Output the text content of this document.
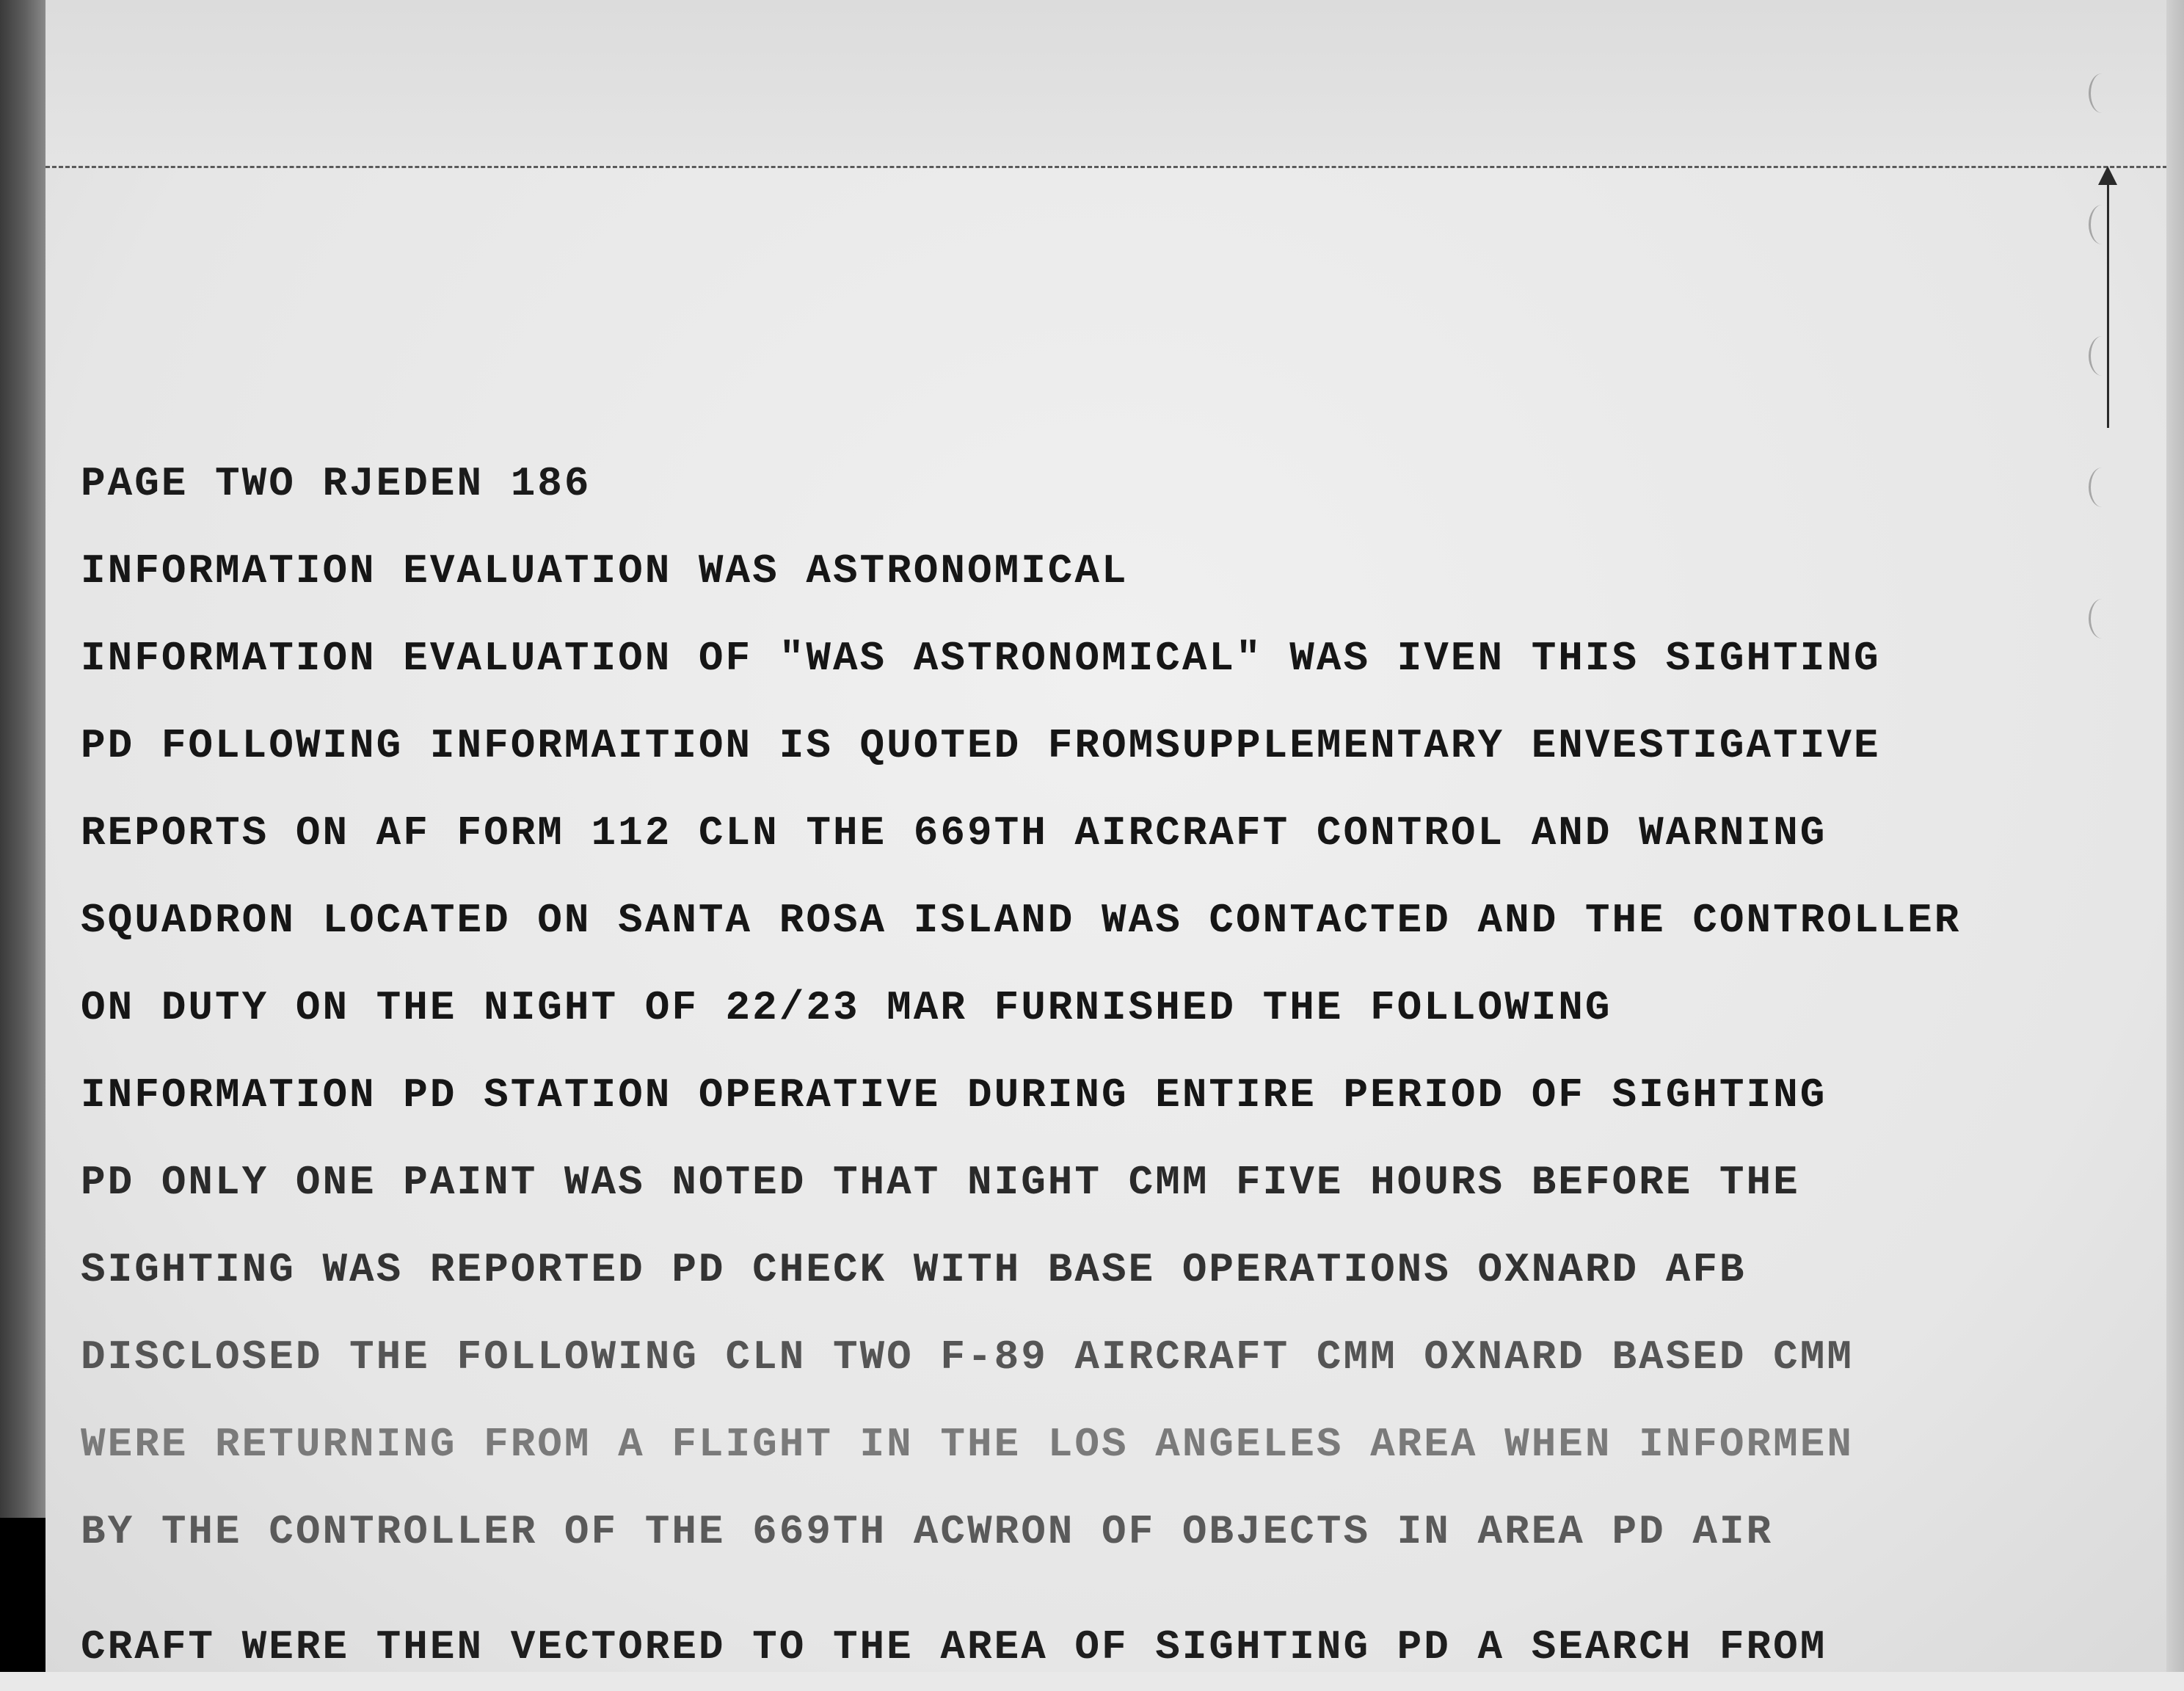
PAGE TWO RJEDEN 186
INFORMATION EVALUATION WAS ASTRONOMICAL
INFORMATION EVALUATION OF "WAS ASTRONOMICAL" WAS IVEN THIS SIGHTING
PD FOLLOWING INFORMAITION IS QUOTED FROMSUPPLEMENTARY ENVESTIGATIVE
REPORTS ON AF FORM 112 CLN THE 669TH AIRCRAFT CONTROL AND WARNING
SQUADRON LOCATED ON SANTA ROSA ISLAND WAS CONTACTED AND THE CONTROLLER
ON DUTY ON THE NIGHT OF 22/23 MAR FURNISHED THE FOLLOWING
INFORMATION PD STATION OPERATIVE DURING ENTIRE PERIOD OF SIGHTING
PD ONLY ONE PAINT WAS NOTED THAT NIGHT CMM FIVE HOURS BEFORE THE
SIGHTING WAS REPORTED PD CHECK WITH BASE OPERATIONS OXNARD AFB
DISCLOSED THE FOLLOWING CLN TWO F-89 AIRCRAFT CMM OXNARD BASED CMM
WERE RETURNING FROM A FLIGHT IN THE LOS ANGELES AREA WHEN INFORMEN
BY THE CONTROLLER OF THE 669TH ACWRON OF OBJECTS IN AREA PD AIR
CRAFT WERE THEN VECTORED TO THE AREA OF SIGHTING PD A SEARCH FROM
